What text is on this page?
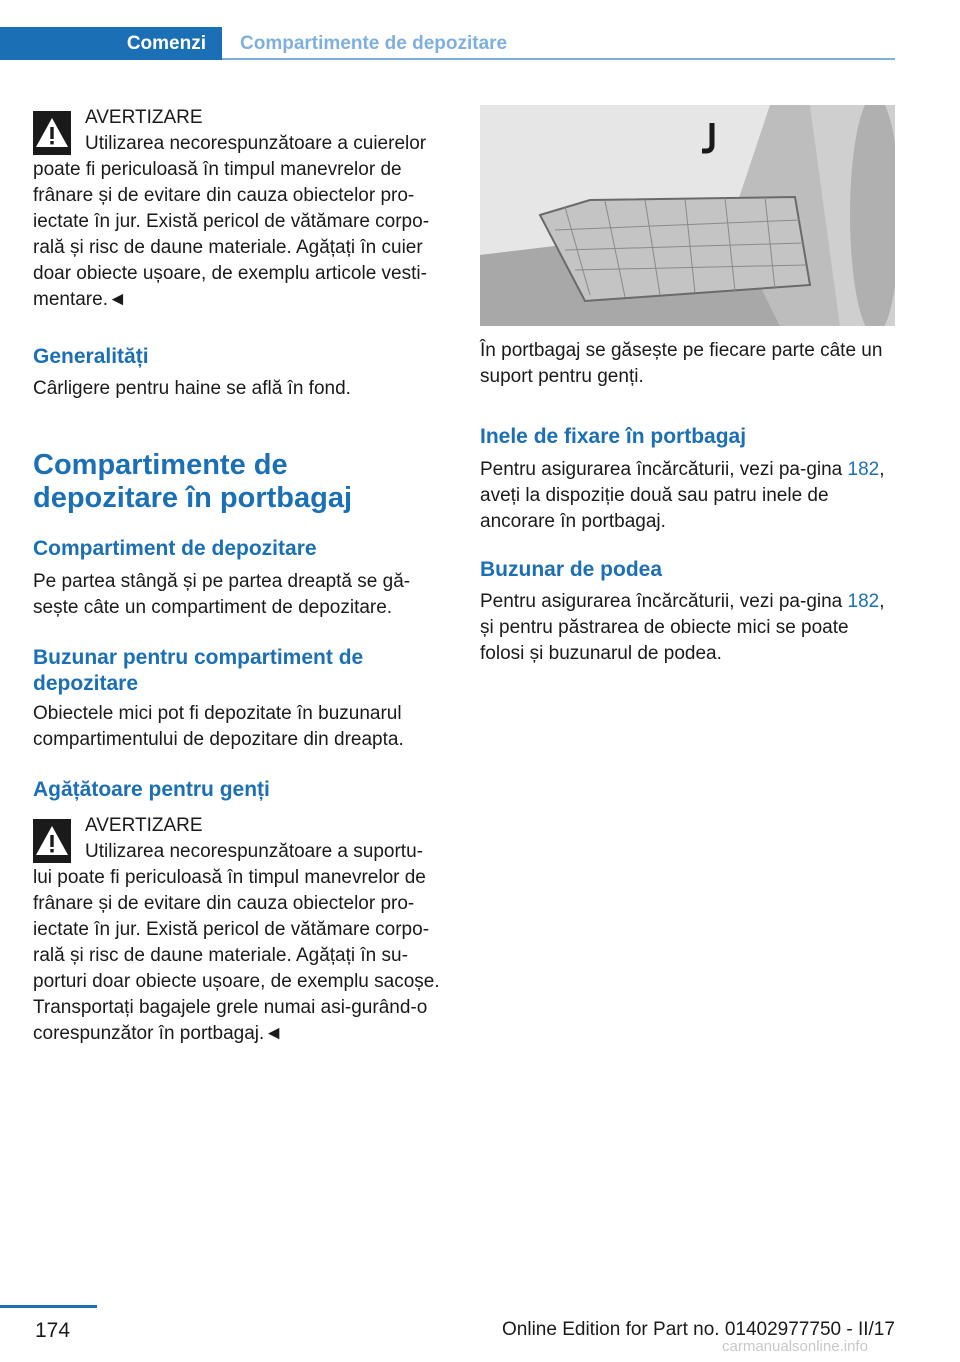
Comenzi	Compartimente de depozitare

AVERTIZARE

Utilizarea necorespunzătoare a cuierelor
poate fi periculoasă în timpul manevrelor de frânare și de evitare din cauza obiectelor pro‐iectate în jur. Există pericol de vătămare corpo‐rală și risc de daune materiale. Agățați în cuier doar obiecte ușoare, de exemplu articole vesti‐mentare.◄

Generalități

Cârligere pentru haine se află în fond.

Compartimente de
depozitare în portbagaj
Compartiment de depozitare

Pe partea stângă și pe partea dreaptă se gă‐sește câte un compartiment de depozitare.

Buzunar pentru compartiment de depozitare

Obiectele mici pot fi depozitate în buzunarul compartimentului de depozitare din dreapta.

Agățătoare pentru genți

AVERTIZARE

Utilizarea necorespunzătoare a suportu‐
lui poate fi periculoasă în timpul manevrelor de frânare și de evitare din cauza obiectelor pro‐iectate în jur. Există pericol de vătămare corpo‐rală și risc de daune materiale. Agățați în su‐porturi doar obiecte ușoare, de exemplu sacoșe. Transportați bagajele grele numai asi‐gurând-o corespunzător în portbagaj.◄

În portbagaj se găsește pe fiecare parte câte un suport pentru genți.

Inele de fixare în portbagaj

Pentru asigurarea încărcăturii, vezi pa‐gina 182, aveți la dispoziție două sau patru inele de ancorare în portbagaj.

Buzunar de podea

Pentru asigurarea încărcăturii, vezi pa‐gina 182, și pentru păstrarea de obiecte mici se poate folosi și buzunarul de podea.

174	Online Edition for Part no. 01402977750 - II/17
carmanualsonline.info
